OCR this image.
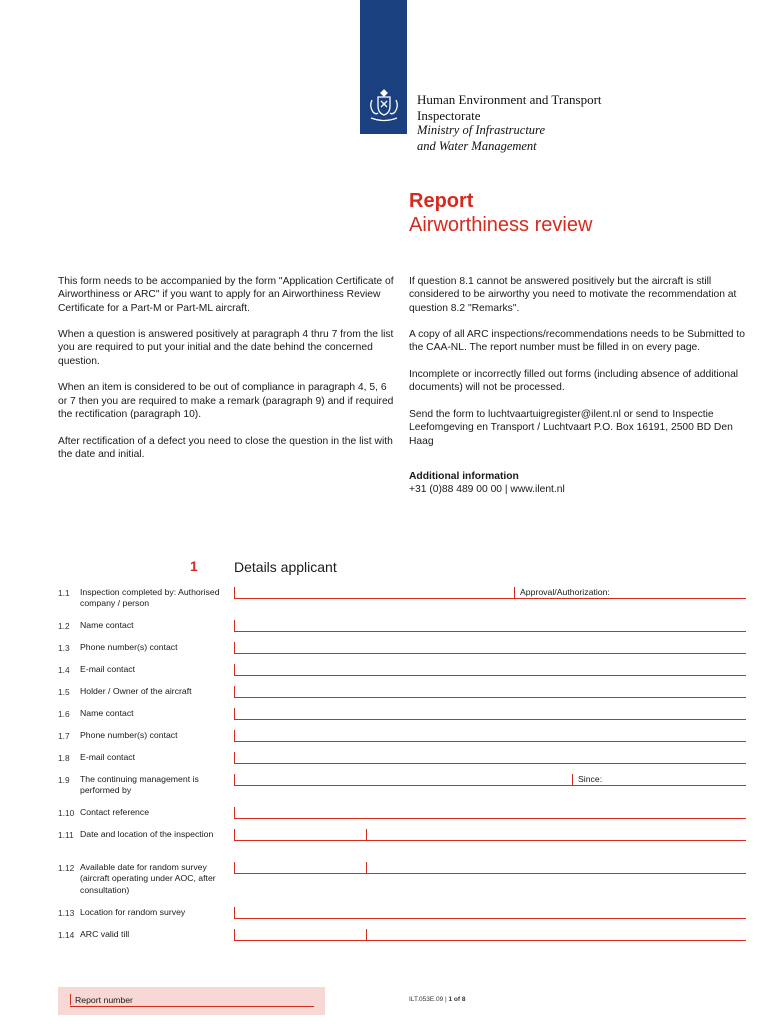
Human Environment and Transport
Inspectorate
Ministry of Infrastructure
and Water Management
Report
Airworthiness review

This form needs to be accompanied by the form "Application Certificate of Airworthiness or ARC" if you want to apply for an Airworthiness Review Certificate for a Part-M or Part-ML aircraft.

When a question is answered positively at paragraph 4 thru 7 from the list you are required to put your initial and the date behind the concerned question.

When an item is considered to be out of compliance in paragraph 4, 5, 6 or 7 then you are required to make a remark (paragraph 9) and if required the rectification (paragraph 10).

After rectification of a defect you need to close the question in the list with the date and initial.

If question 8.1 cannot be answered positively but the aircraft is still considered to be airworthy you need to motivate the recommendation at question 8.2 "Remarks".

A copy of all ARC inspections/recommendations needs to be Submitted to the CAA-NL. The report number must be filled in on every page.

Incomplete or incorrectly filled out forms (including absence of additional documents) will not be processed.

Send the form to luchtvaartuigregister@ilent.nl or send to Inspectie Leefomgeving en Transport / Luchtvaart P.O. Box 16191, 2500 BD Den Haag

Additional information

+31 (0)88 489 00 00 | www.ilent.nl

1	Details applicant
1.1 Inspection completed by: Authorised company / person
Approval/Authorization:
1.2 Name contact
1.3 Phone number(s) contact
1.4 E-mail contact
1.5 Holder / Owner of the aircraft
1.6 Name contact
1.7 Phone number(s) contact
1.8 E-mail contact
1.9 The continuing management is performed by
Since:
1.10 Contact reference
1.11 Date and location of the inspection
1.12 Available date for random survey (aircraft operating under AOC, after consultation)
1.13 Location for random survey
1.14 ARC valid till
Report number	ILT.053E.09 | 1 of 8
